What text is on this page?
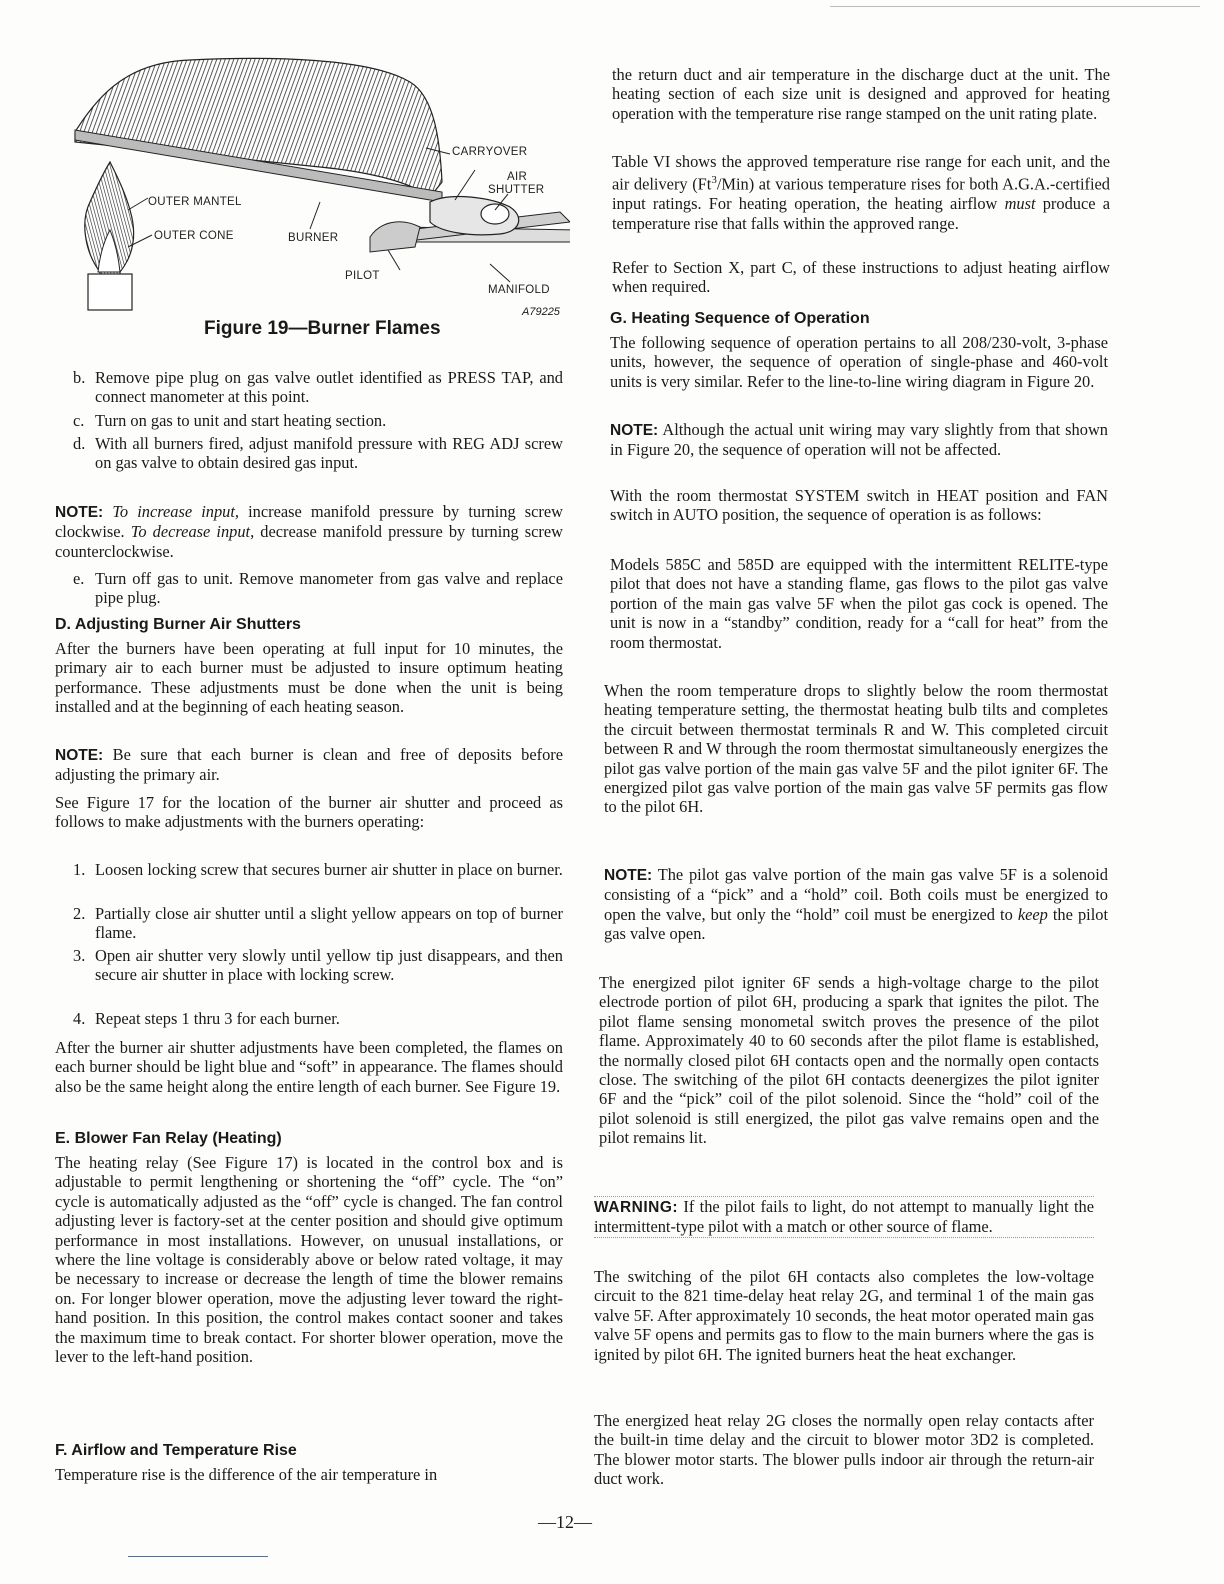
CARRYOVER
AIR
SHUTTER
OUTER MANTEL
OUTER CONE	BURNER
PILOT
MANIFOLD
A79225
Figure 19—Burner Flames
b. Remove pipe plug on gas valve outlet identified as PRESS TAP, and connect manometer at this point.
c. Turn on gas to unit and start heating section.
d. With all burners fired, adjust manifold pressure with REG ADJ screw on gas valve to obtain desired gas input.

NOTE: To increase input, increase manifold pressure by turning screw clockwise. To decrease input, decrease manifold pressure by turning screw counterclockwise.

e. Turn off gas to unit. Remove manometer from gas valve and replace pipe plug.
D. Adjusting Burner Air Shutters

After the burners have been operating at full input for 10 minutes, the primary air to each burner must be adjusted to insure optimum heating performance. These adjustments must be done when the unit is being installed and at the beginning of each heating season.

NOTE: Be sure that each burner is clean and free of deposits before adjusting the primary air.

See Figure 17 for the location of the burner air shutter and proceed as follows to make adjustments with the burners operating:

1. Loosen locking screw that secures burner air shutter in place on burner.
2. Partially close air shutter until a slight yellow appears on top of burner flame.
3. Open air shutter very slowly until yellow tip just disappears, and then secure air shutter in place with locking screw.
4. Repeat steps 1 thru 3 for each burner.

After the burner air shutter adjustments have been completed, the flames on each burner should be light blue and “soft” in appearance. The flames should also be the same height along the entire length of each burner. See Figure 19.

E. Blower Fan Relay (Heating)

The heating relay (See Figure 17) is located in the control box and is adjustable to permit lengthening or shortening the “off” cycle. The “on” cycle is automatically adjusted as the “off” cycle is changed. The fan control adjusting lever is factory-set at the center position and should give optimum performance in most installations. However, on unusual installations, or where the line voltage is considerably above or below rated voltage, it may be necessary to increase or decrease the length of time the blower remains on. For longer blower operation, move the adjusting lever toward the right-hand position. In this position, the control makes contact sooner and takes the maximum time to break contact. For shorter blower operation, move the lever to the left-hand position.

F. Airflow and Temperature Rise

Temperature rise is the difference of the air temperature in

the return duct and air temperature in the discharge duct at the unit. The heating section of each size unit is designed and approved for heating operation with the temperature rise range stamped on the unit rating plate.

Table VI shows the approved temperature rise range for each unit, and the air delivery (Ft$^3$/Min) at various temperature rises for both A.G.A.-certified input ratings. For heating operation, the heating airflow must produce a temperature rise that falls within the approved range.

Refer to Section X, part C, of these instructions to adjust heating airflow when required.

G. Heating Sequence of Operation

The following sequence of operation pertains to all 208/230-volt, 3-phase units, however, the sequence of operation of single-phase and 460-volt units is very similar. Refer to the line-to-line wiring diagram in Figure 20.

NOTE: Although the actual unit wiring may vary slightly from that shown in Figure 20, the sequence of operation will not be affected.

With the room thermostat SYSTEM switch in HEAT position and FAN switch in AUTO position, the sequence of operation is as follows:

Models 585C and 585D are equipped with the intermittent RELITE-type pilot that does not have a standing flame, gas flows to the pilot gas valve portion of the main gas valve 5F when the pilot gas cock is opened. The unit is now in a “standby” condition, ready for a “call for heat” from the room thermostat.

When the room temperature drops to slightly below the room thermostat heating temperature setting, the thermostat heating bulb tilts and completes the circuit between thermostat terminals R and W. This completed circuit between R and W through the room thermostat simultaneously energizes the pilot gas valve portion of the main gas valve 5F and the pilot igniter 6F. The energized pilot gas valve portion of the main gas valve 5F permits gas flow to the pilot 6H.

NOTE: The pilot gas valve portion of the main gas valve 5F is a solenoid consisting of a “pick” and a “hold” coil. Both coils must be energized to open the valve, but only the “hold” coil must be energized to keep the pilot gas valve open.

The energized pilot igniter 6F sends a high-voltage charge to the pilot electrode portion of pilot 6H, producing a spark that ignites the pilot. The pilot flame sensing monometal switch proves the presence of the pilot flame. Approximately 40 to 60 seconds after the pilot flame is established, the normally closed pilot 6H contacts open and the normally open contacts close. The switching of the pilot 6H contacts deenergizes the pilot igniter 6F and the “pick” coil of the pilot solenoid. Since the “hold” coil of the pilot solenoid is still energized, the pilot gas valve remains open and the pilot remains lit.

WARNING: If the pilot fails to light, do not attempt to manually light the intermittent-type pilot with a match or other source of flame.

The switching of the pilot 6H contacts also completes the low-voltage circuit to the 821 time-delay heat relay 2G, and terminal 1 of the main gas valve 5F. After approximately 10 seconds, the heat motor operated main gas valve 5F opens and permits gas to flow to the main burners where the gas is ignited by pilot 6H. The ignited burners heat the heat exchanger.

The energized heat relay 2G closes the normally open relay contacts after the built-in time delay and the circuit to blower motor 3D2 is completed. The blower motor starts. The blower pulls indoor air through the return-air duct work.

—12—
